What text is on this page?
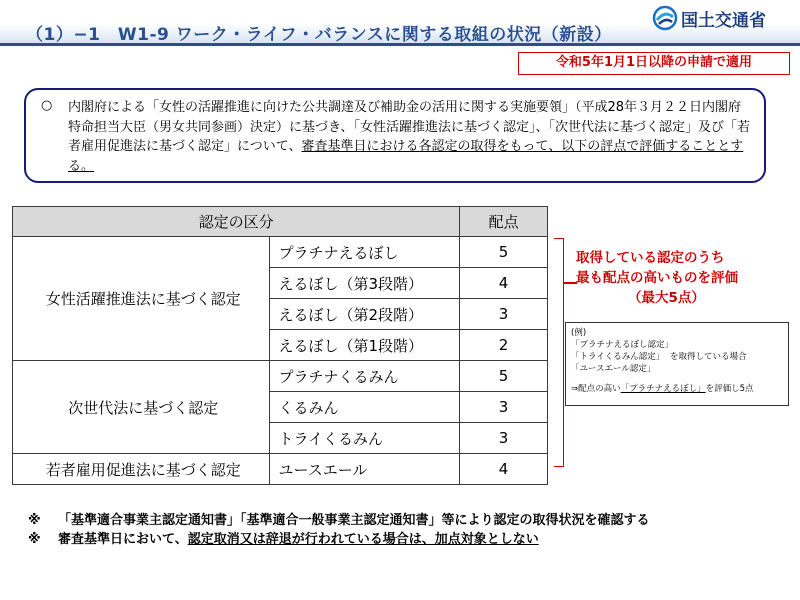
（1）−1　W1-9 ワーク・ライフ・バランスに関する取組の状況（新設）
国土交通省
令和5年1月1日以降の申請で適用
○ 内閣府による「女性の活躍推進に向けた公共調達及び補助金の活用に関する実施要領」（平成28年３月２２日内閣府特命担当大臣（男女共同参画）決定）に基づき、「女性活躍推進法に基づく認定」、「次世代法に基づく認定」及び「若者雇用促進法に基づく認定」について、審査基準日における各認定の取得をもって、以下の評点で評価することとする。
認定の区分		配点
女性活躍推進法に基づく認定	プラチナえるぼし	5
	えるぼし（第3段階）	4
	えるぼし（第2段階）	3
	えるぼし（第1段階）	2
次世代法に基づく認定	プラチナくるみん	5
	くるみん	3
	トライくるみん	3
若者雇用促進法に基づく認定	ユースエール	4
取得している認定のうち
最も配点の高いものを評価
（最大5点）
(例)
「プラチナえるぼし認定」
「トライくるみん認定」
「ユースエール認定」
を取得している場合
⇒配点の高い「プラチナえるぼし」を評価し5点
※ 「基準適合事業主認定通知書」「基準適合一般事業主認定通知書」等により認定の取得状況を確認する
※ 審査基準日において、認定取消又は辞退が行われている場合は、加点対象としない
